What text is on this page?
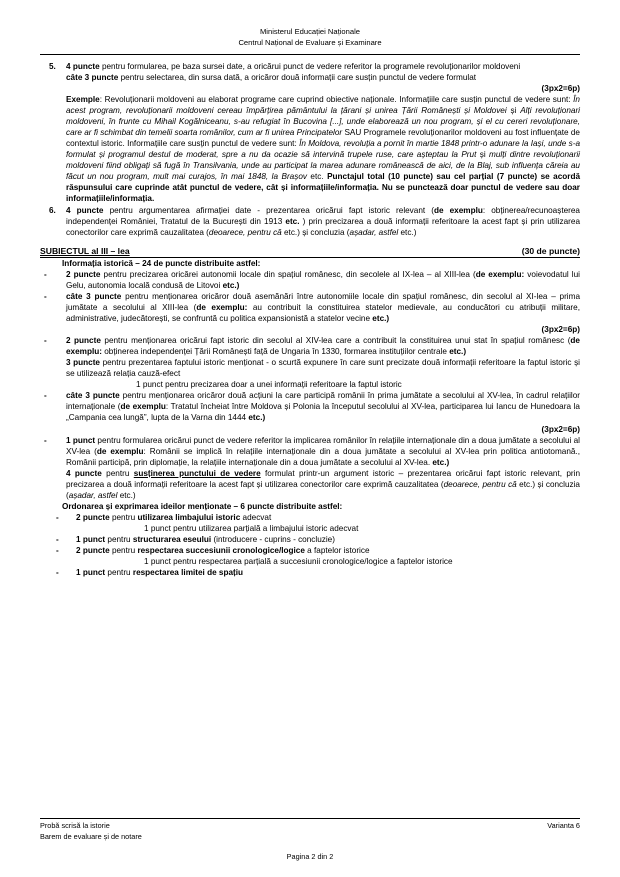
Ministerul Educației Naționale
Centrul Național de Evaluare și Examinare
5. 4 puncte pentru formularea, pe baza sursei date, a oricărui punct de vedere referitor la programele revoluționarilor moldoveni

câte 3 puncte pentru selectarea, din sursa dată, a oricăror două informații care susțin punctul de vedere formulat

(3px2=6p)

Exemple: Revoluționarii moldoveni au elaborat programe care cuprind obiective naționale. Informațiile care susțin punctul de vedere sunt: În acest program, revoluționarii moldoveni cereau împărțirea pământului la țărani și unirea Țării Românești și Moldovei și Alți revoluționari moldoveni, în frunte cu Mihail Kogălniceanu, s-au refugiat în Bucovina [...], unde elaborează un nou program, și el cu cereri revoluționare, care ar fi schimbat din temelii soarta românilor, cum ar fi unirea Principatelor SAU Programele revoluționarilor moldoveni au fost influențate de contextul istoric. Informațiile care susțin punctul de vedere sunt: În Moldova, revoluția a pornit în martie 1848 printr-o adunare la Iași, unde s-a formulat și programul destul de moderat, spre a nu da ocazie să intervină trupele ruse, care așteptau la Prut și mulți dintre revoluționarii moldoveni fiind obligați să fugă în Transilvania, unde au participat la marea adunare românească de aici, de la Blaj, sub influența căreia au făcut un nou program, mult mai curajos, în mai 1848, la Brașov etc. Punctajul total (10 puncte) sau cel parțial (7 puncte) se acordă răspunsului care cuprinde atât punctul de vedere, cât și informațiile/informația. Nu se punctează doar punctul de vedere sau doar informațiile/informația.

6. 4 puncte pentru argumentarea afirmației date - prezentarea oricărui fapt istoric relevant (de exemplu: obținerea/recunoașterea independenței României, Tratatul de la București din 1913 etc. ) prin precizarea a două informații referitoare la acest fapt și prin utilizarea conectorilor care exprimă cauzalitatea (deoarece, pentru că etc.) și concluzia (așadar, astfel etc.)

SUBIECTUL al III – lea	(30 de puncte)

Informația istorică – 24 de puncte distribuite astfel:

- 2 puncte pentru precizarea oricărei autonomii locale din spațiul românesc, din secolele al IX-lea – al XIII-lea (de exemplu: voievodatul lui Gelu, autonomia locală condusă de Litovoi etc.)

- câte 3 puncte pentru menționarea oricăror două asemănări între autonomiile locale din spațiul românesc, din secolul al XI-lea – prima jumătate a secolului al XIII-lea (de exemplu: au contribuit la constituirea statelor medievale, au conducători cu atribuții militare, administrative, judecătorești, se confruntă cu politica expansionistă a statelor vecine etc.)

(3px2=6p)

- 2 puncte pentru menționarea oricărui fapt istoric din secolul al XIV-lea care a contribuit la constituirea unui stat în spațiul românesc (de exemplu: obținerea independenței Țării Românești față de Ungaria în 1330, formarea instituțiilor centrale etc.)

3 puncte pentru prezentarea faptului istoric menționat - o scurtă expunere în care sunt precizate două informații referitoare la faptul istoric și se utilizează relația cauză-efect

1 punct pentru precizarea doar a unei informații referitoare la faptul istoric

- câte 3 puncte pentru menționarea oricăror două acțiuni la care participă românii în prima jumătate a secolului al XV-lea, în cadrul relațiilor internaționale (de exemplu: Tratatul încheiat între Moldova și Polonia la începutul secolului al XV-lea, participarea lui Iancu de Hunedoara la „Campania cea lungă”, lupta de la Varna din 1444 etc.)

(3px2=6p)

- 1 punct pentru formularea oricărui punct de vedere referitor la implicarea românilor în relațiile internaționale din a doua jumătate a secolului al XV-lea (de exemplu: Românii se implică în relațiile internaționale din a doua jumătate a secolului al XV-lea prin politica antiotomană., Românii participă, prin diplomație, la relațiile internaționale din a doua jumătate a secolului al XV-lea. etc.)

4 puncte pentru susținerea punctului de vedere formulat printr-un argument istoric – prezentarea oricărui fapt istoric relevant, prin precizarea a două informații referitoare la acest fapt și utilizarea conectorilor care exprimă cauzalitatea (deoarece, pentru că etc.) și concluzia (așadar, astfel etc.)

Ordonarea și exprimarea ideilor menționate – 6 puncte distribuite astfel:

- 2 puncte pentru utilizarea limbajului istoric adecvat

1 punct pentru utilizarea parțială a limbajului istoric adecvat

- 1 punct pentru structurarea eseului (introducere - cuprins - concluzie)

- 2 puncte pentru respectarea succesiunii cronologice/logice a faptelor istorice

1 punct pentru respectarea parțială a succesiunii cronologice/logice a faptelor istorice

- 1 punct pentru respectarea limitei de spațiu

Probă scrisă la istorie	Varianta 6
Barem de evaluare și de notare
Pagina 2 din 2
